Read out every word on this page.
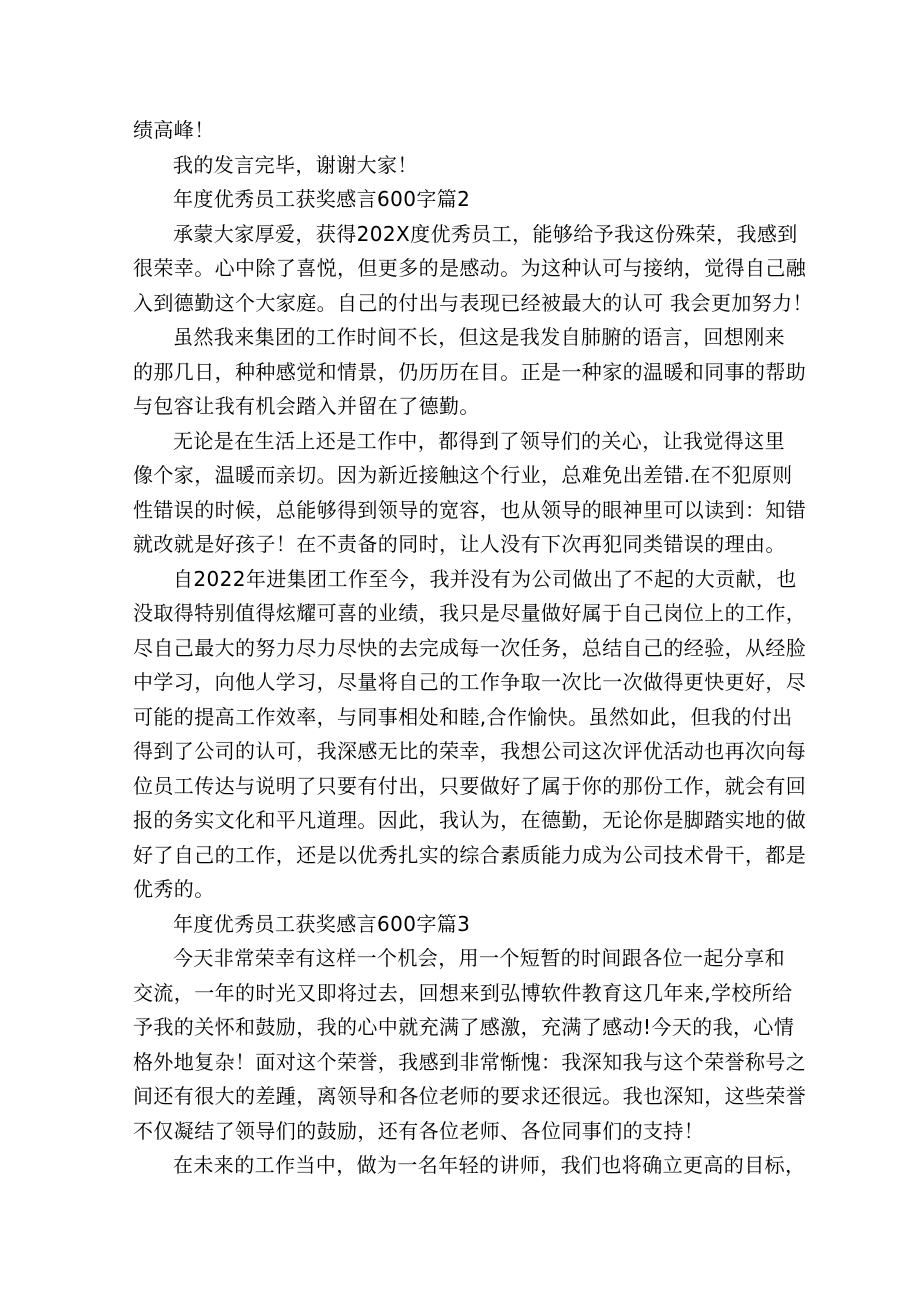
绩高峰！
我的发言完毕，谢谢大家！
年度优秀员工获奖感言600字篇2
承蒙大家厚爱，获得202X度优秀员工，能够给予我这份殊荣，我感到
很荣幸。心中除了喜悦，但更多的是感动。为这种认可与接纳，觉得自己融
入到德勤这个大家庭。自己的付出与表现已经被最大的认可 我会更加努力！
虽然我来集团的工作时间不长，但这是我发自肺腑的语言，回想刚来
的那几日，种种感觉和情景，仍历历在目。正是一种家的温暖和同事的帮助
与包容让我有机会踏入并留在了德勤。
无论是在生活上还是工作中，都得到了领导们的关心，让我觉得这里
像个家，温暖而亲切。因为新近接触这个行业，总难免出差错.在不犯原则
性错误的时候，总能够得到领导的宽容，也从领导的眼神里可以读到：知错
就改就是好孩子！在不责备的同时，让人没有下次再犯同类错误的理由。
自2022年进集团工作至今，我并没有为公司做出了不起的大贡献，也
没取得特别值得炫耀可喜的业绩，我只是尽量做好属于自己岗位上的工作，
尽自己最大的努力尽力尽快的去完成每一次任务，总结自己的经验，从经脸
中学习，向他人学习，尽量将自己的工作争取一次比一次做得更快更好，尽
可能的提高工作效率，与同事相处和睦,合作愉快。虽然如此，但我的付出
得到了公司的认可，我深感无比的荣幸，我想公司这次评优活动也再次向每
位员工传达与说明了只要有付出，只要做好了属于你的那份工作，就会有回
报的务实文化和平凡道理。因此，我认为，在德勤，无论你是脚踏实地的做
好了自己的工作，还是以优秀扎实的综合素质能力成为公司技术骨干，都是
优秀的。
年度优秀员工获奖感言600字篇3
今天非常荣幸有这样一个机会，用一个短暂的时间跟各位一起分享和
交流，一年的时光又即将过去，回想来到弘博软件教育这几年来,学校所给
予我的关怀和鼓励，我的心中就充满了感激，充满了感动!今天的我，心情
格外地复杂！面对这个荣誉，我感到非常惭愧：我深知我与这个荣誉称号之
间还有很大的差踵，离领导和各位老师的要求还很远。我也深知，这些荣誉
不仅凝结了领导们的鼓励，还有各位老师、各位同事们的支持！
在未来的工作当中，做为一名年轻的讲师，我们也将确立更高的目标，
